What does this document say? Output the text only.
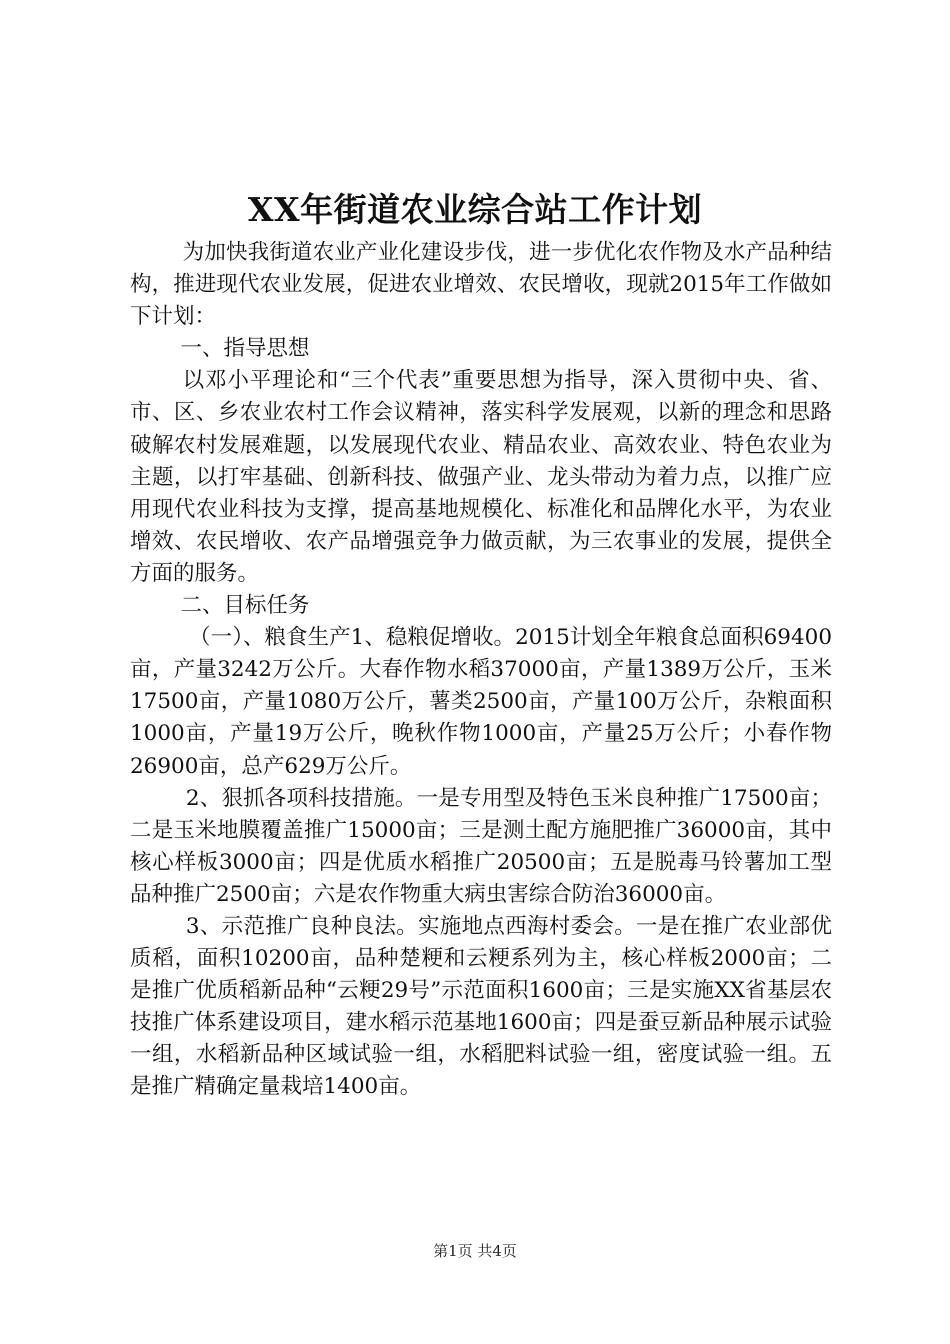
XX年街道农业综合站工作计划

为加快我街道农业产业化建设步伐，进一步优化农作物及水产品种结构，推进现代农业发展，促进农业增效、农民增收，现就2015年工作做如下计划：

一、指导思想

以邓小平理论和“三个代表”重要思想为指导，深入贯彻中央、省、市、区、乡农业农村工作会议精神，落实科学发展观，以新的理念和思路破解农村发展难题，以发展现代农业、精品农业、高效农业、特色农业为主题，以打牢基础、创新科技、做强产业、龙头带动为着力点，以推广应用现代农业科技为支撑，提高基地规模化、标准化和品牌化水平，为农业增效、农民增收、农产品增强竞争力做贡献，为三农事业的发展，提供全方面的服务。

二、目标任务

（一）、粮食生产1、稳粮促增收。2015计划全年粮食总面积69400亩，产量3242万公斤。大春作物水稻37000亩，产量1389万公斤，玉米17500亩，产量1080万公斤，薯类2500亩，产量100万公斤，杂粮面积1000亩，产量19万公斤，晚秋作物1000亩，产量25万公斤；小春作物26900亩，总产629万公斤。

2、狠抓各项科技措施。一是专用型及特色玉米良种推广17500亩；二是玉米地膜覆盖推广15000亩；三是测土配方施肥推广36000亩，其中核心样板3000亩；四是优质水稻推广20500亩；五是脱毒马铃薯加工型品种推广2500亩；六是农作物重大病虫害综合防治36000亩。

3、示范推广良种良法。实施地点西海村委会。一是在推广农业部优质稻，面积10200亩，品种楚粳和云粳系列为主，核心样板2000亩；二是推广优质稻新品种“云粳29号”示范面积1600亩；三是实施XX省基层农技推广体系建设项目，建水稻示范基地1600亩；四是蚕豆新品种展示试验一组，水稻新品种区域试验一组，水稻肥料试验一组，密度试验一组。五是推广精确定量栽培1400亩。

第1页 共4页
